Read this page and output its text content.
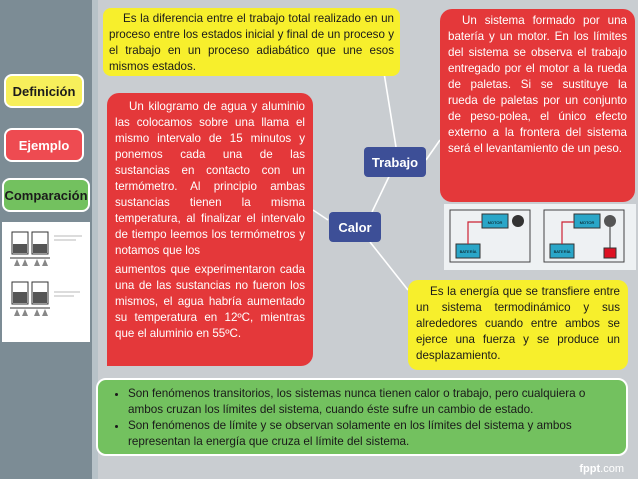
Definición
Ejemplo
Comparación
Es la diferencia entre el trabajo total realizado en un proceso entre los estados inicial y final de un proceso y el trabajo en un proceso adiabático que une esos mismos estados.
Un kilogramo de agua y aluminio las colocamos sobre una llama el mismo intervalo de 15 minutos y ponemos cada una de las sustancias en contacto con un termómetro. Al principio ambas sustancias tienen la misma temperatura, al finalizar el intervalo de tiempo leemos los termómetros y notamos que los
aumentos que experimentaron cada una de las sustancias no fueron los mismos, el agua habría aumentado su temperatura en 12ºC, mientras que el aluminio en 55ºC.
Un sistema formado por una batería y un motor. En los límites del sistema se observa el trabajo entregado por el motor a la rueda de paletas. Si se sustituye la rueda de paletas por un conjunto de peso-polea, el único efecto externo a la frontera del sistema será el levantamiento de un peso.
MOTOR	MOTOR
BATERÍA	BATERÍA
Es la energía que se transfiere entre un sistema termodinámico y sus alrededores cuando entre ambos se ejerce una fuerza y se produce un desplazamiento.
Trabajo
Calor
• Son fenómenos transitorios, los sistemas nunca tienen calor o trabajo, pero cualquiera o ambos cruzan los límites del sistema, cuando éste sufre un cambio de estado.
• Son fenómenos de límite y se observan solamente en los límites del sistema y ambos representan la energía que cruza el límite del sistema.
fppt.com
